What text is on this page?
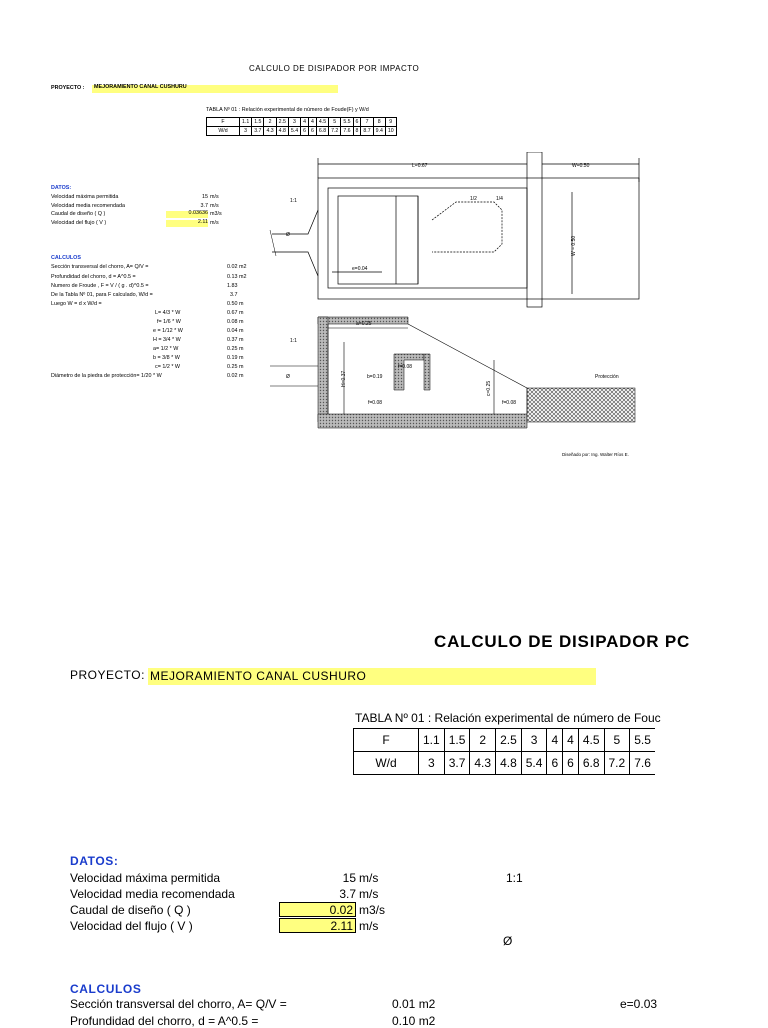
CALCULO DE DISIPADOR POR IMPACTO
PROYECTO :	MEJORAMIENTO CANAL CUSHURU
TABLA Nº 01 : Relación experimental de número de Foude(F) y W/d
F	1.1	1.5	2	2.5	3	4	4	4.5	5	5.5	6	7	8	9
W/d	3	3.7	4.3	4.8	5.4	6	6	6.8	7.2	7.6	8	8.7	9.4	10
DATOS:
Velocidad máxima permitida	15 m/s
Velocidad media recomendada	3.7 m/s
Caudal de diseño ( Q )	0.03636 m3/s
Velocidad del flujo ( V )	2.11 m/s
CALCULOS
Sección transversal del chorro, A= Q/V =	0.02 m2
Profundidad del chorro, d = A^0.5 =	0.13 m2
Numero de Froude , F = V / ( g . d)^0.5 =	1.83
De la Tabla Nº 01, para F calculado, W/d =	3.7
Luego W = d x W/d =	0.50 m
L= 4/3 * W	0.67 m
f= 1/6 * W	0.08 m
e = 1/12 * W	0.04 m
H = 3/4 * W	0.37 m
a= 1/2 * W	0.25 m
b = 3/8 * W	0.19 m
c= 1/2 * W	0.25 m
Diámetro de la piedra de protección= 1/20 * W	0.02 m
L=0.67	W=0.50
1:1
Ø
e=0.04
1/2	1/4
a=0.25
1:1
Ø	b=0.19
f=0.08
f=0.08
f=0.08
Protección
H=0.37
c=0.25
W = 0.50
Diseñado por: Ing. Walter Ríos E.
CALCULO DE DISIPADOR PC
PROYECTO: MEJORAMIENTO CANAL CUSHURO
TABLA Nº 01 : Relación experimental de número de Fouc
F	1.1	1.5	2	2.5	3	4	4	4.5	5	5.5
W/d	3	3.7	4.3	4.8	5.4	6	6	6.8	7.2	7.6
DATOS:
Velocidad máxima permitida	15 m/s
Velocidad media recomendada	3.7 m/s
Caudal de diseño ( Q )	0.02 m3/s
Velocidad del flujo ( V )	2.11 m/s
1:1
Ø
CALCULOS
Sección transversal del chorro, A= Q/V =	0.01 m2
Profundidad del chorro, d = A^0.5 =	0.10 m2
e=0.03
